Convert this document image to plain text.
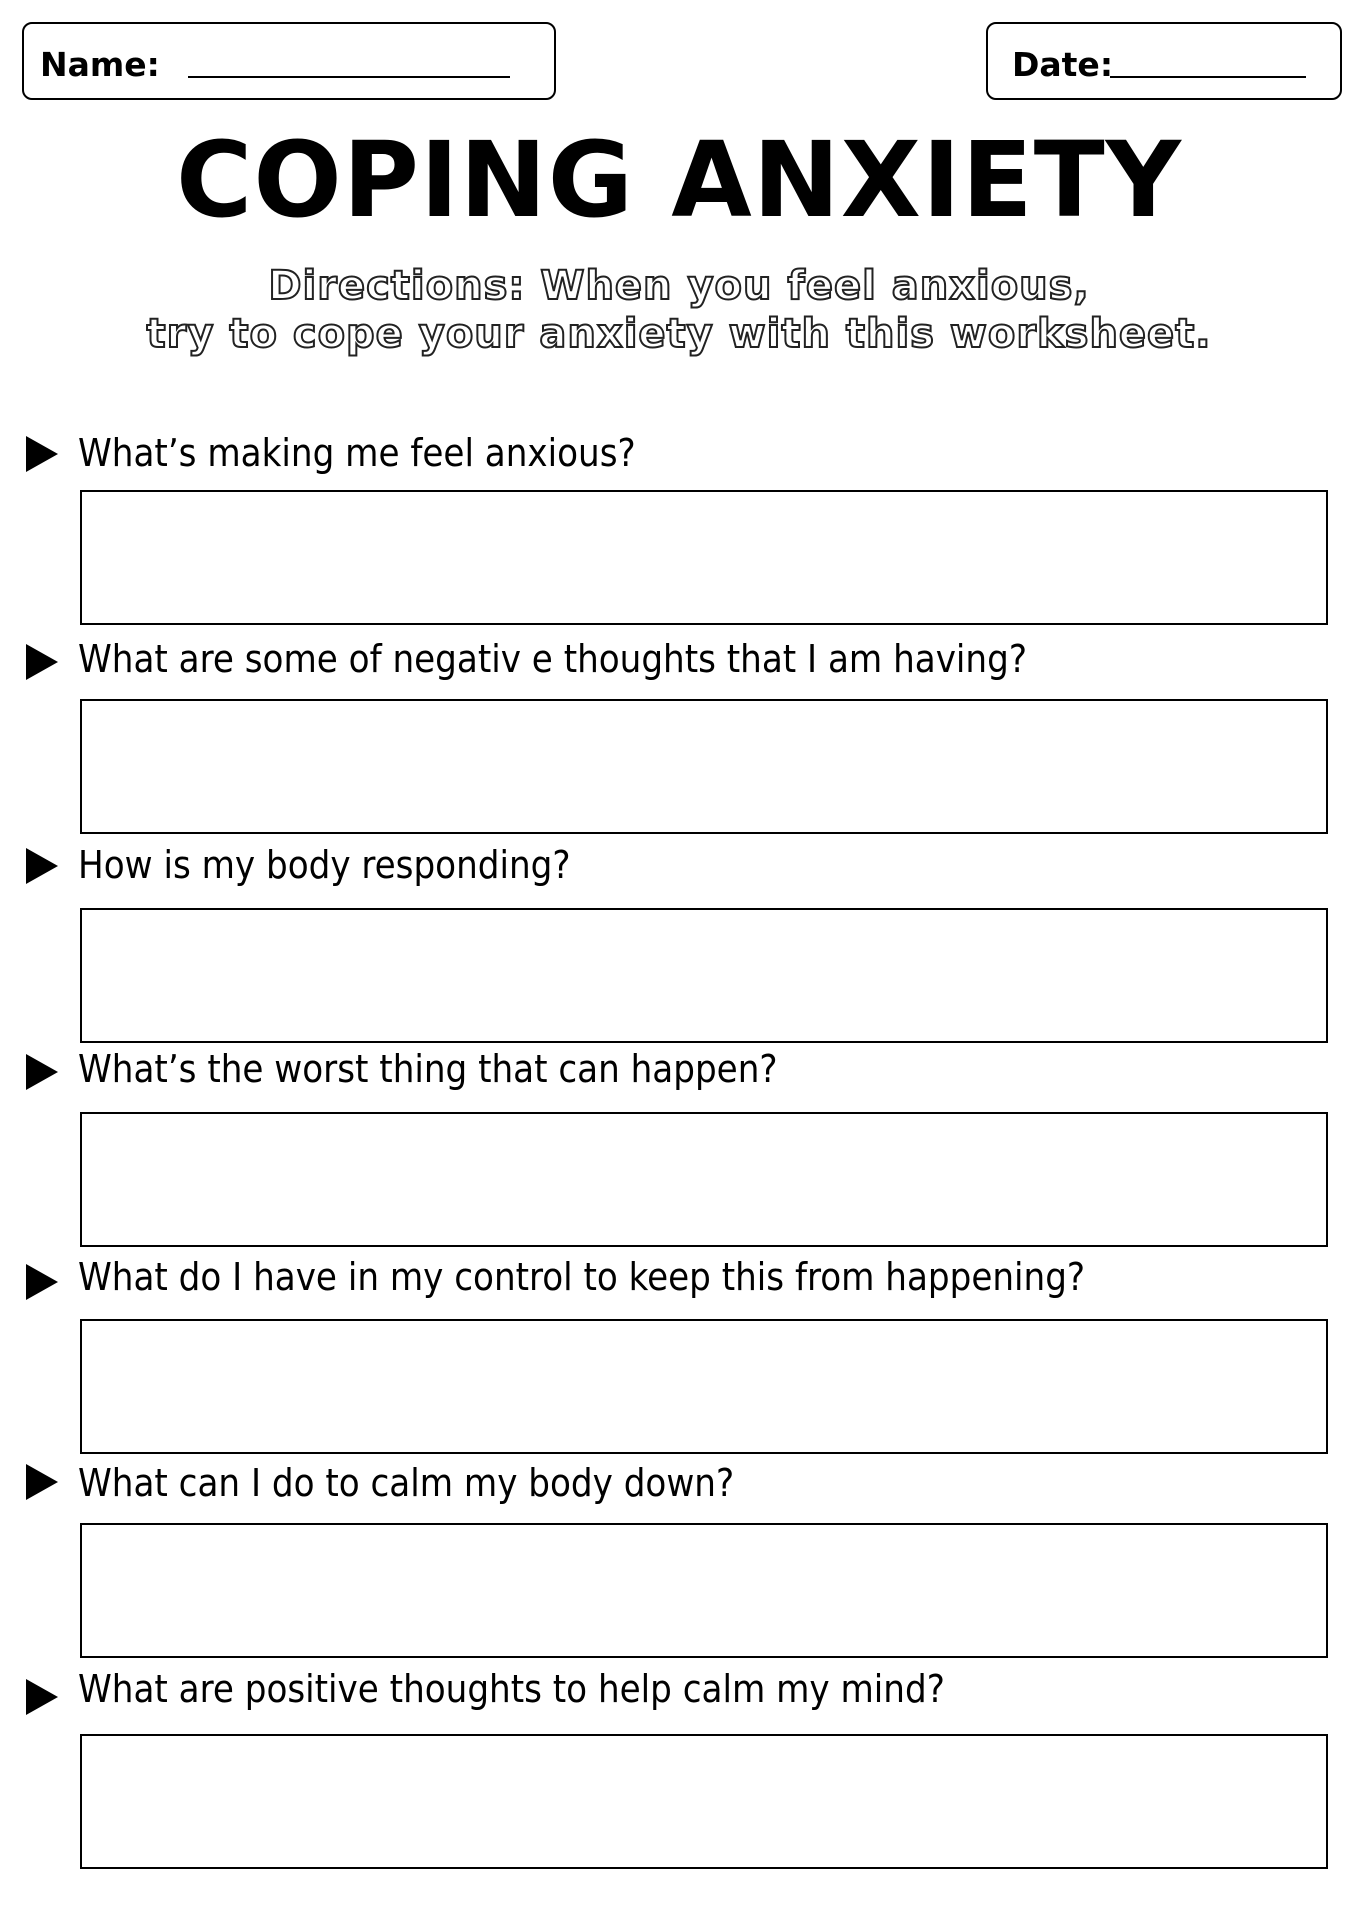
Name:	Date:
COPING ANXIETY
Directions: When you feel anxious,
try to cope your anxiety with this worksheet.
What’s making me feel anxious?
What are some of negativ e thoughts that I am having?
How is my body responding?
What’s the worst thing that can happen?
What do I have in my control to keep this from happening?
What can I do to calm my body down?
What are positive thoughts to help calm my mind?
